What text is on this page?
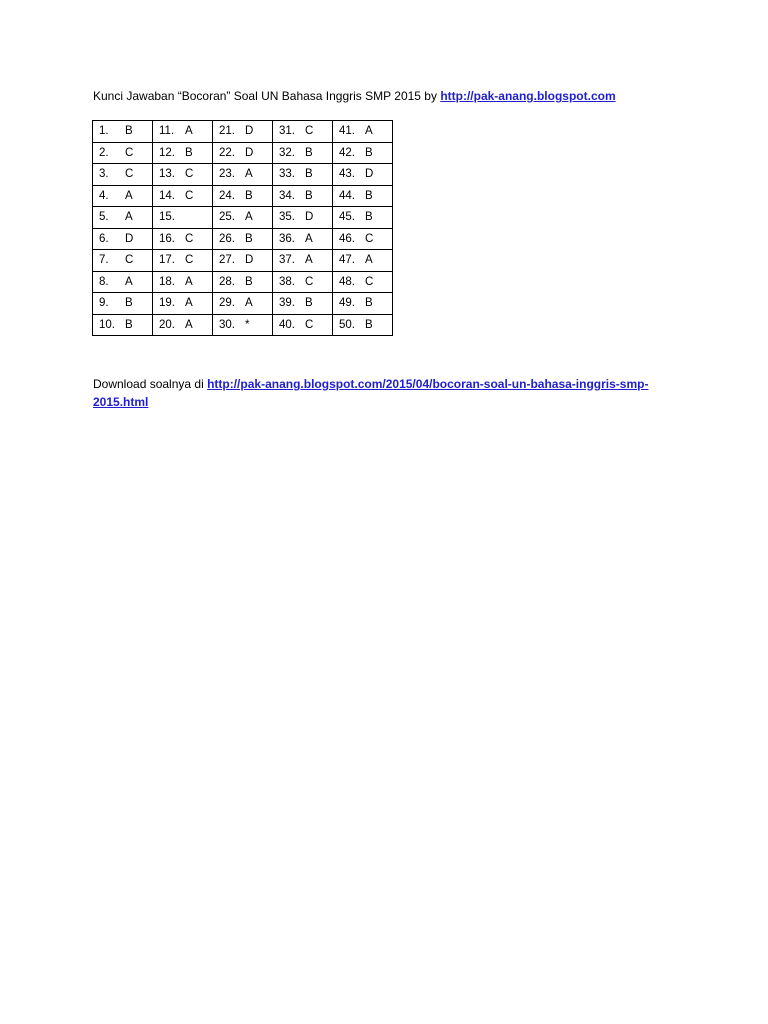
Kunci Jawaban “Bocoran” Soal UN Bahasa Inggris SMP 2015 by http://pak-anang.blogspot.com
1. B	11. A	21. D	31. C	41. A
2. C	12. B	22. D	32. B	42. B
3. C	13. C	23. A	33. B	43. D
4. A	14. C	24. B	34. B	44. B
5. A	15.	25. A	35. D	45. B
6. D	16. C	26. B	36. A	46. C
7. C	17. C	27. D	37. A	47. A
8. A	18. A	28. B	38. C	48. C
9. B	19. A	29. A	39. B	49. B
10. B	20. A	30. *	40. C	50. B
Download soalnya di http://pak-anang.blogspot.com/2015/04/bocoran-soal-un-bahasa-inggris-smp-
2015.html
